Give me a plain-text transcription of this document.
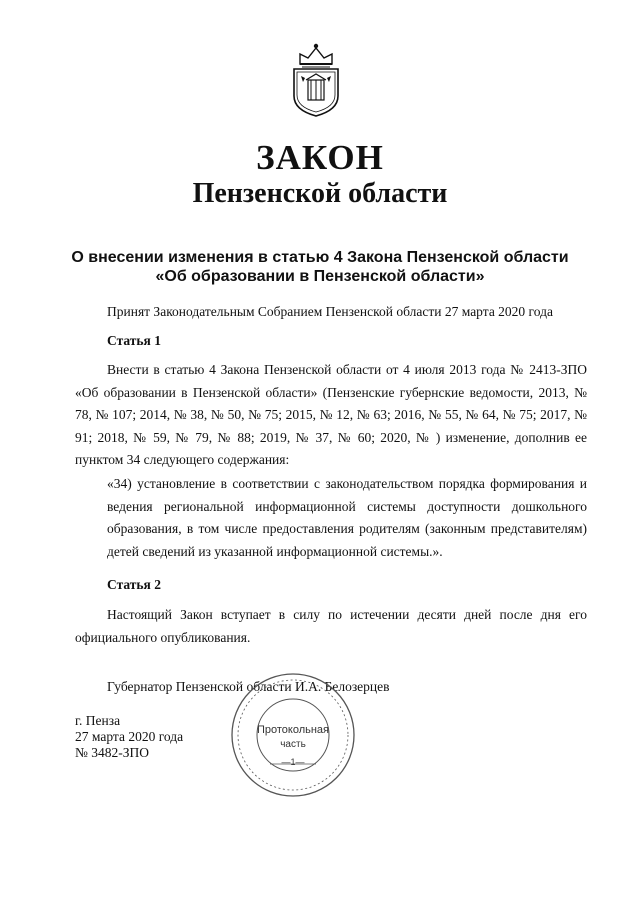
ЗАКОН
Пензенской области
О внесении изменения в статью 4 Закона Пензенской области
«Об образовании в Пензенской области»
Принят Законодательным Собранием Пензенской области 27 марта 2020 года
Статья 1
Внести в статью 4 Закона Пензенской области от 4 июля 2013 года № 2413-ЗПО «Об образовании в Пензенской области» (Пензенские губернские ведомости, 2013, № 78, № 107; 2014, № 38, № 50, № 75; 2015, № 12, № 63; 2016, № 55, № 64, № 75; 2017, № 91; 2018, № 59, № 79, № 88; 2019, № 37, № 60; 2020, № ) изменение, дополнив ее пунктом 34 следующего содержания:
«34) установление в соответствии с законодательством порядка формирования и ведения региональной информационной системы доступности дошкольного образования, в том числе предоставления родителям (законным представителям) детей сведений из указанной информационной системы.».
Статья 2
Настоящий Закон вступает в силу по истечении десяти дней после дня его официального опубликования.
Губернатор Пензенской области И.А. Белозерцев
г. Пенза
27 марта 2020 года
№ 3482-ЗПО
Протокольная
часть
—1—
